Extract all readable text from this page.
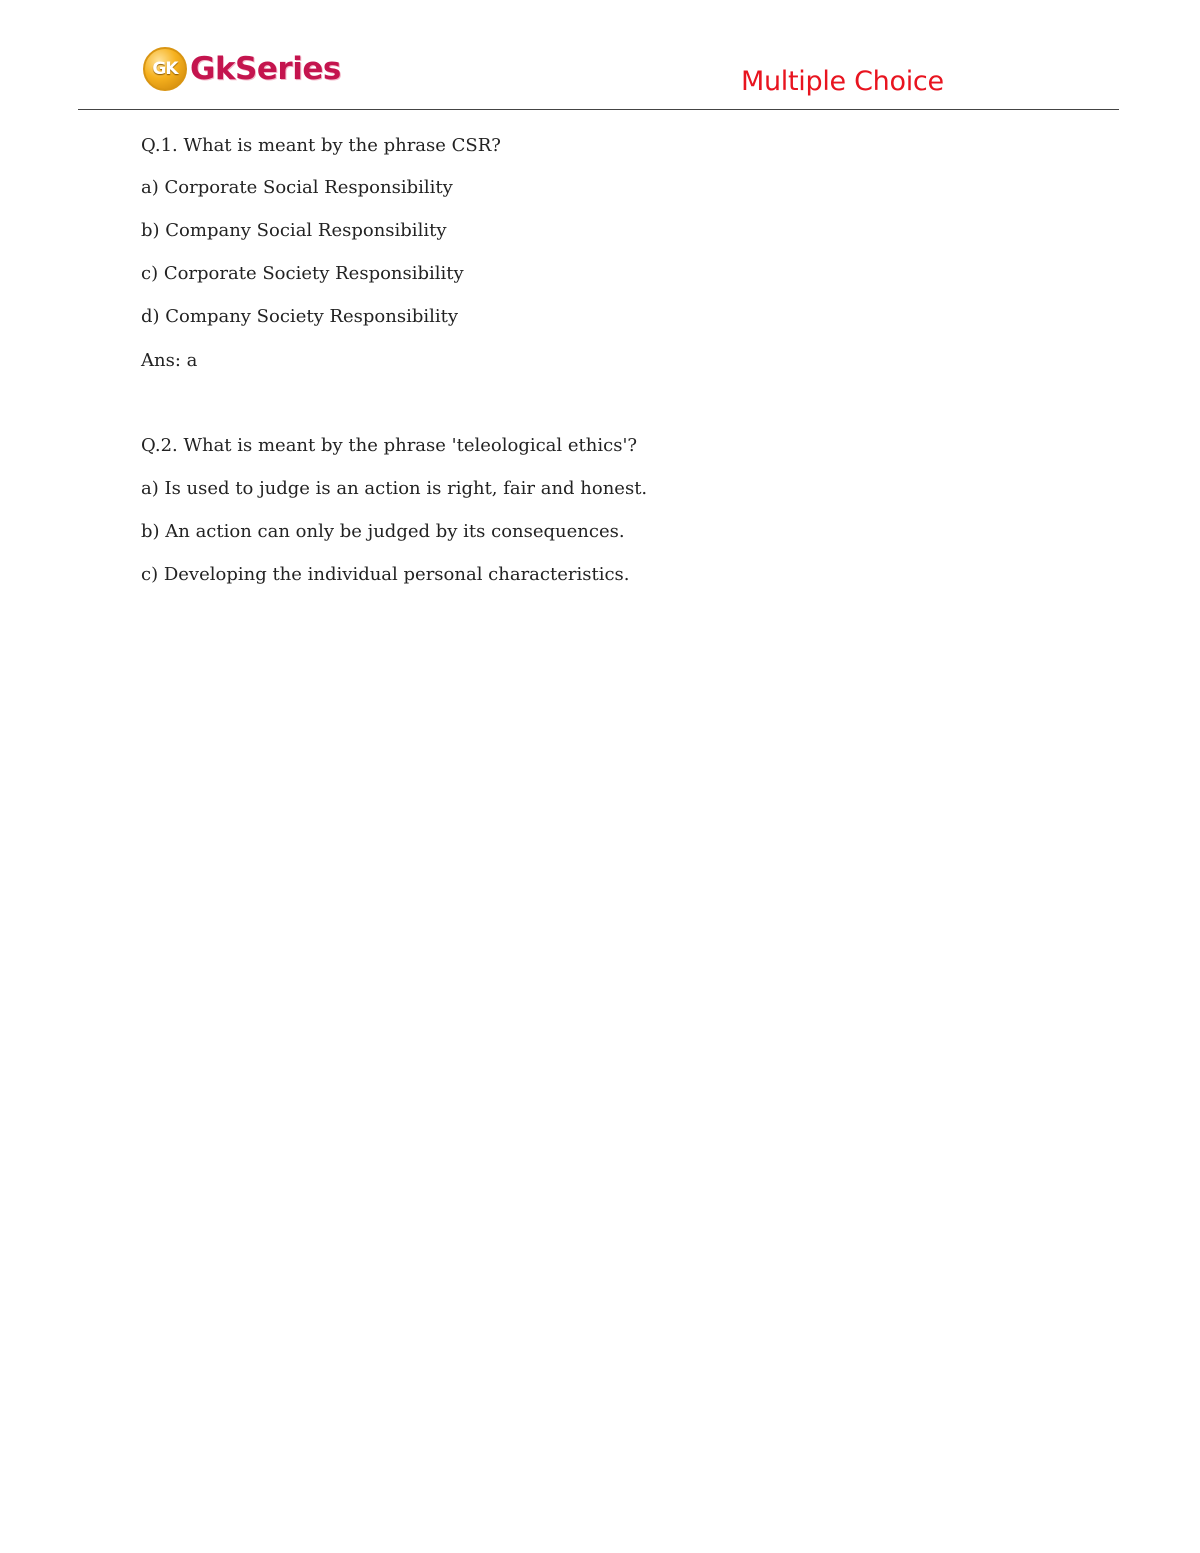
GK GkSeries	Multiple Choice
Q.1. What is meant by the phrase CSR?
a) Corporate Social Responsibility
b) Company Social Responsibility
c) Corporate Society Responsibility
d) Company Society Responsibility
Ans: a
Q.2. What is meant by the phrase 'teleological ethics'?
a) Is used to judge is an action is right, fair and honest.
b) An action can only be judged by its consequences.
c) Developing the individual personal characteristics.
